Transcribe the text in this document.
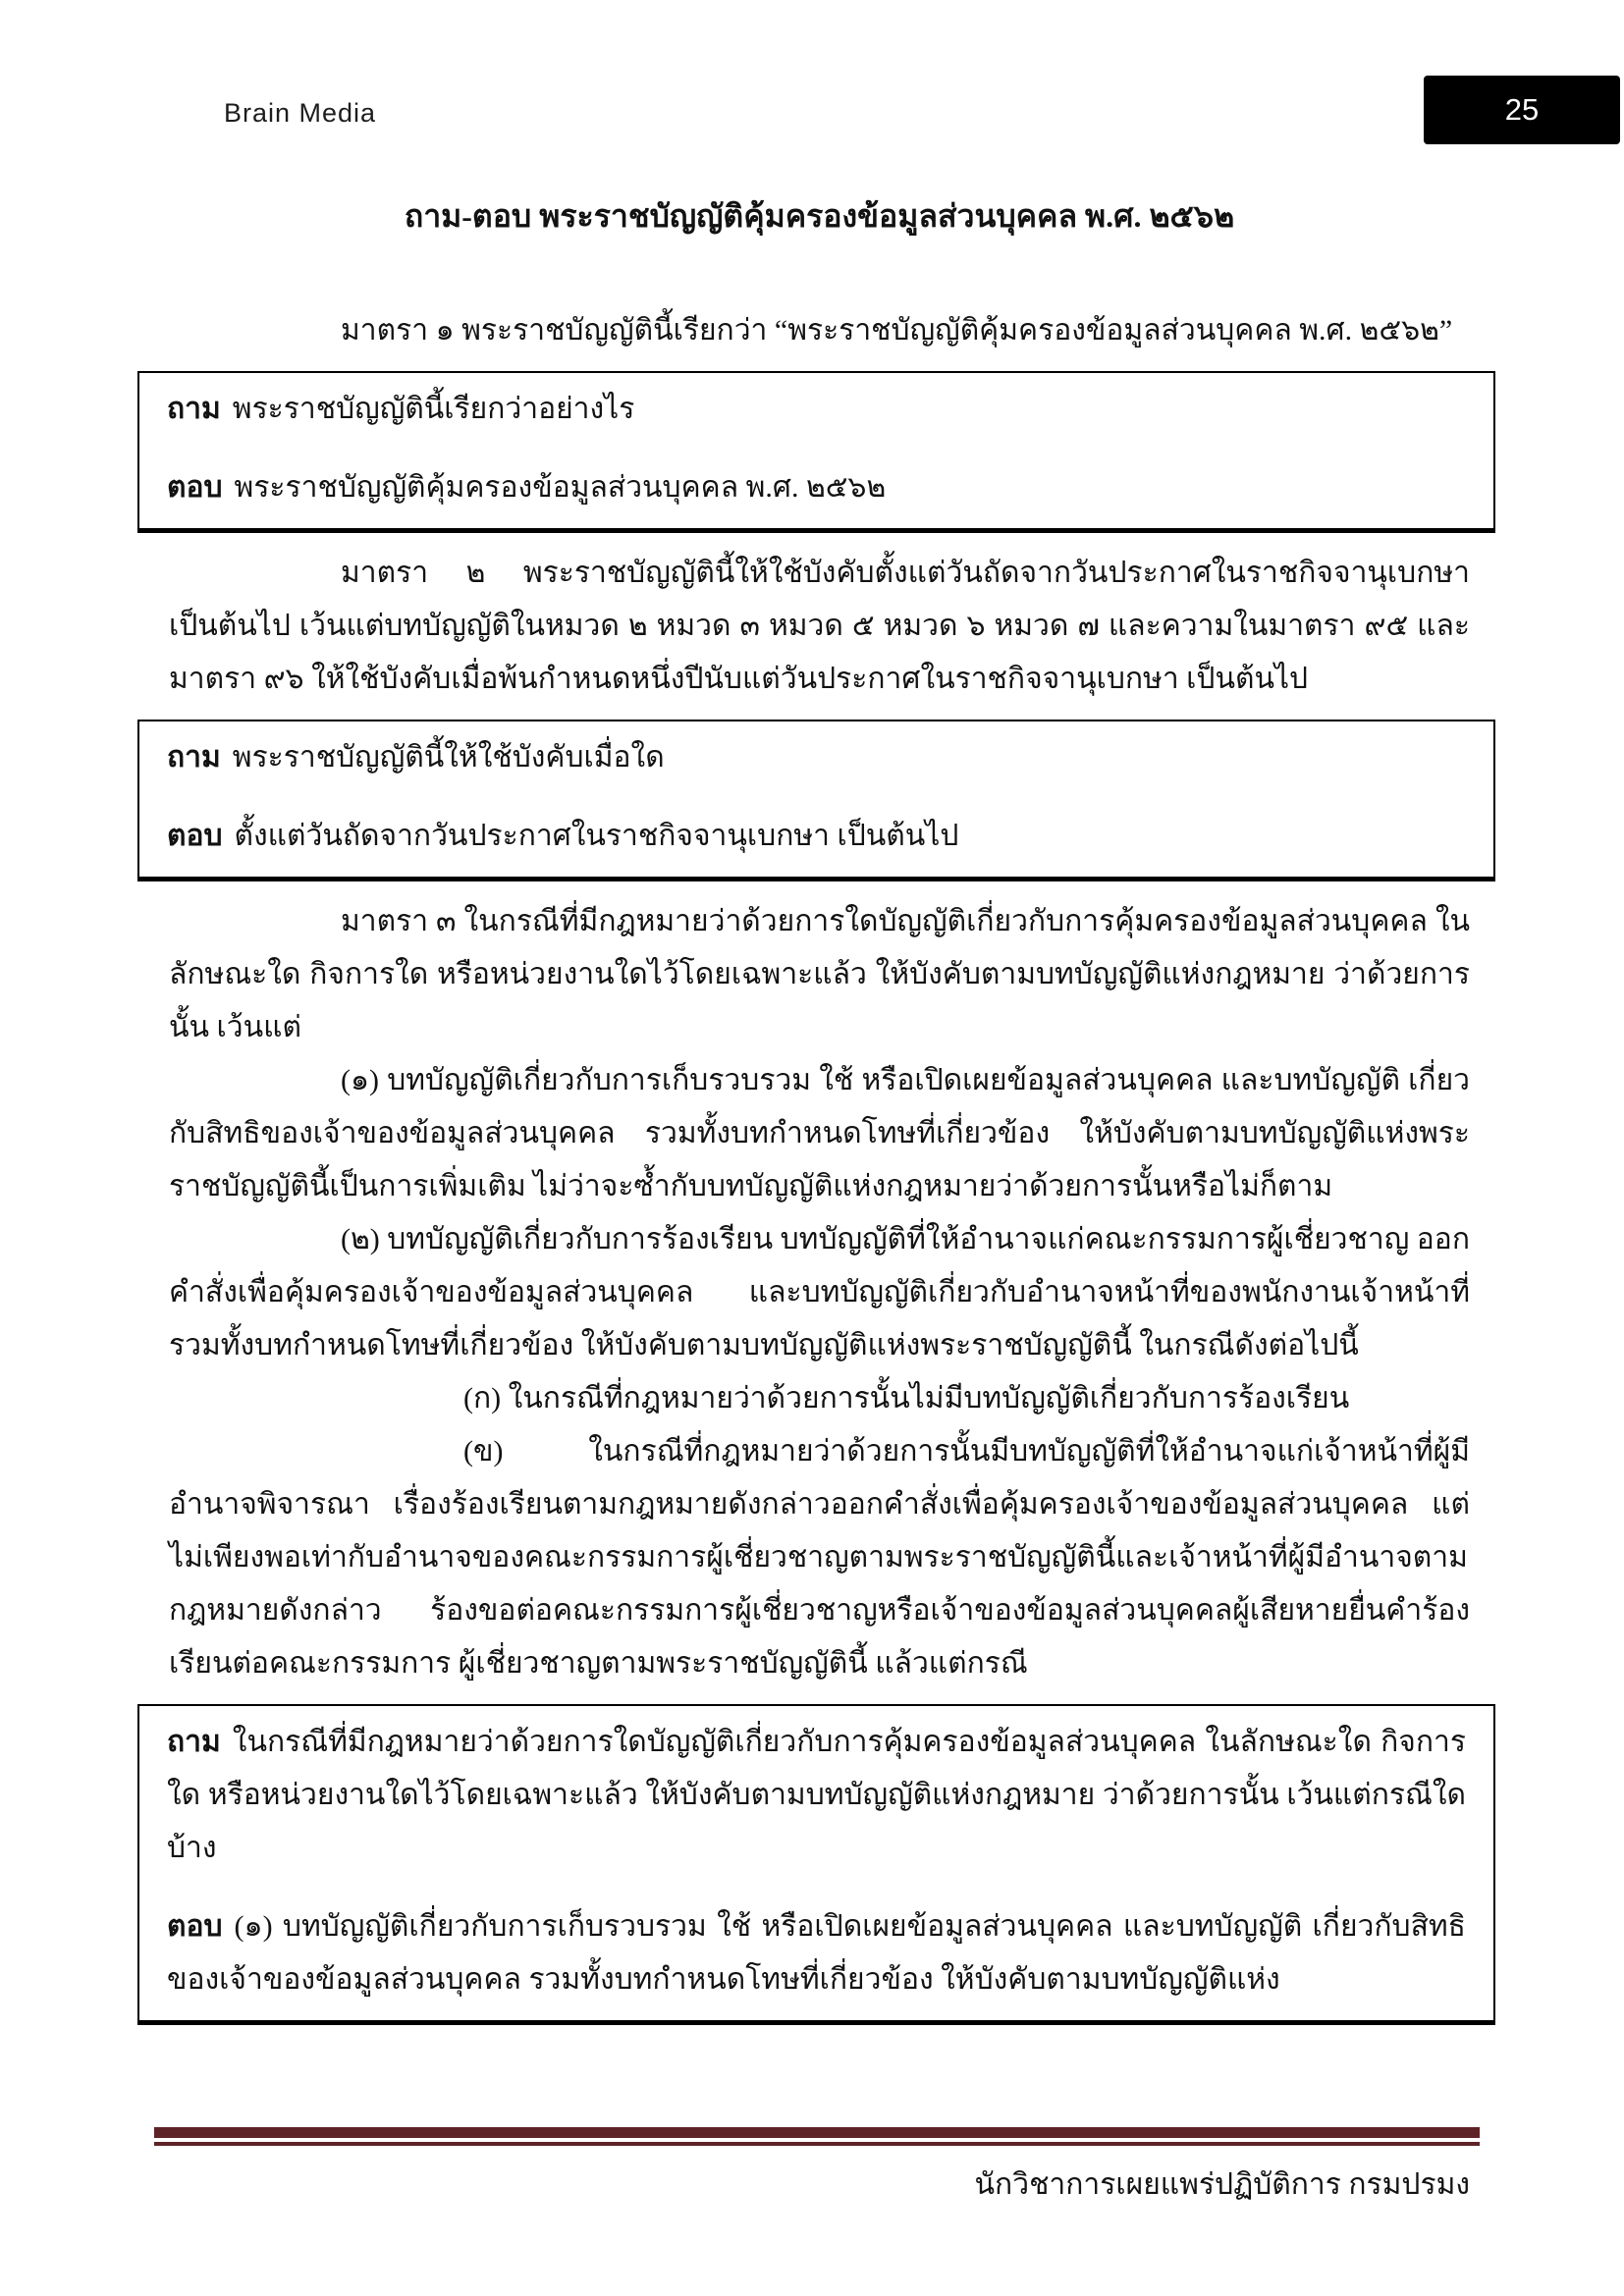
Brain Media	25
ถาม-ตอบ พระราชบัญญัติคุ้มครองข้อมูลส่วนบุคคล พ.ศ. ๒๕๖๒

มาตรา ๑ พระราชบัญญัตินี้เรียกว่า “พระราชบัญญัติคุ้มครองข้อมูลส่วนบุคคล พ.ศ. ๒๕๖๒”

ถาม พระราชบัญญัตินี้เรียกว่าอย่างไร

ตอบ พระราชบัญญัติคุ้มครองข้อมูลส่วนบุคคล พ.ศ. ๒๕๖๒

มาตรา ๒ พระราชบัญญัตินี้ให้ใช้บังคับตั้งแต่วันถัดจากวันประกาศในราชกิจจานุเบกษา เป็นต้นไป เว้นแต่บทบัญญัติในหมวด ๒ หมวด ๓ หมวด ๕ หมวด ๖ หมวด ๗ และความในมาตรา ๙๕ และมาตรา ๙๖ ให้ใช้บังคับเมื่อพ้นกำหนดหนึ่งปีนับแต่วันประกาศในราชกิจจานุเบกษา เป็นต้นไป

ถาม พระราชบัญญัตินี้ให้ใช้บังคับเมื่อใด

ตอบ ตั้งแต่วันถัดจากวันประกาศในราชกิจจานุเบกษา เป็นต้นไป

มาตรา ๓ ในกรณีที่มีกฎหมายว่าด้วยการใดบัญญัติเกี่ยวกับการคุ้มครองข้อมูลส่วนบุคคล ในลักษณะใด กิจการใด หรือหน่วยงานใดไว้โดยเฉพาะแล้ว ให้บังคับตามบทบัญญัติแห่งกฎหมาย ว่าด้วยการนั้น เว้นแต่

(๑) บทบัญญัติเกี่ยวกับการเก็บรวบรวม ใช้ หรือเปิดเผยข้อมูลส่วนบุคคล และบทบัญญัติ เกี่ยวกับสิทธิของเจ้าของข้อมูลส่วนบุคคล รวมทั้งบทกำหนดโทษที่เกี่ยวข้อง ให้บังคับตามบทบัญญัติแห่งพระราชบัญญัตินี้เป็นการเพิ่มเติม ไม่ว่าจะซ้ำกับบทบัญญัติแห่งกฎหมายว่าด้วยการนั้นหรือไม่ก็ตาม

(๒) บทบัญญัติเกี่ยวกับการร้องเรียน บทบัญญัติที่ให้อำนาจแก่คณะกรรมการผู้เชี่ยวชาญ ออกคำสั่งเพื่อคุ้มครองเจ้าของข้อมูลส่วนบุคคล และบทบัญญัติเกี่ยวกับอำนาจหน้าที่ของพนักงานเจ้าหน้าที่ รวมทั้งบทกำหนดโทษที่เกี่ยวข้อง ให้บังคับตามบทบัญญัติแห่งพระราชบัญญัตินี้ ในกรณีดังต่อไปนี้

(ก) ในกรณีที่กฎหมายว่าด้วยการนั้นไม่มีบทบัญญัติเกี่ยวกับการร้องเรียน

(ข) ในกรณีที่กฎหมายว่าด้วยการนั้นมีบทบัญญัติที่ให้อำนาจแก่เจ้าหน้าที่ผู้มีอำนาจพิจารณา เรื่องร้องเรียนตามกฎหมายดังกล่าวออกคำสั่งเพื่อคุ้มครองเจ้าของข้อมูลส่วนบุคคล แต่ไม่เพียงพอเท่ากับอำนาจของคณะกรรมการผู้เชี่ยวชาญตามพระราชบัญญัตินี้และเจ้าหน้าที่ผู้มีอำนาจตามกฎหมายดังกล่าว ร้องขอต่อคณะกรรมการผู้เชี่ยวชาญหรือเจ้าของข้อมูลส่วนบุคคลผู้เสียหายยื่นคำร้องเรียนต่อคณะกรรมการ ผู้เชี่ยวชาญตามพระราชบัญญัตินี้ แล้วแต่กรณี

ถาม ในกรณีที่มีกฎหมายว่าด้วยการใดบัญญัติเกี่ยวกับการคุ้มครองข้อมูลส่วนบุคคล ในลักษณะใด กิจการใด หรือหน่วยงานใดไว้โดยเฉพาะแล้ว ให้บังคับตามบทบัญญัติแห่งกฎหมาย ว่าด้วยการนั้น เว้นแต่กรณีใดบ้าง

ตอบ (๑) บทบัญญัติเกี่ยวกับการเก็บรวบรวม ใช้ หรือเปิดเผยข้อมูลส่วนบุคคล และบทบัญญัติ เกี่ยวกับสิทธิของเจ้าของข้อมูลส่วนบุคคล รวมทั้งบทกำหนดโทษที่เกี่ยวข้อง ให้บังคับตามบทบัญญัติแห่ง

นักวิชาการเผยแพร่ปฏิบัติการ กรมปรมง
